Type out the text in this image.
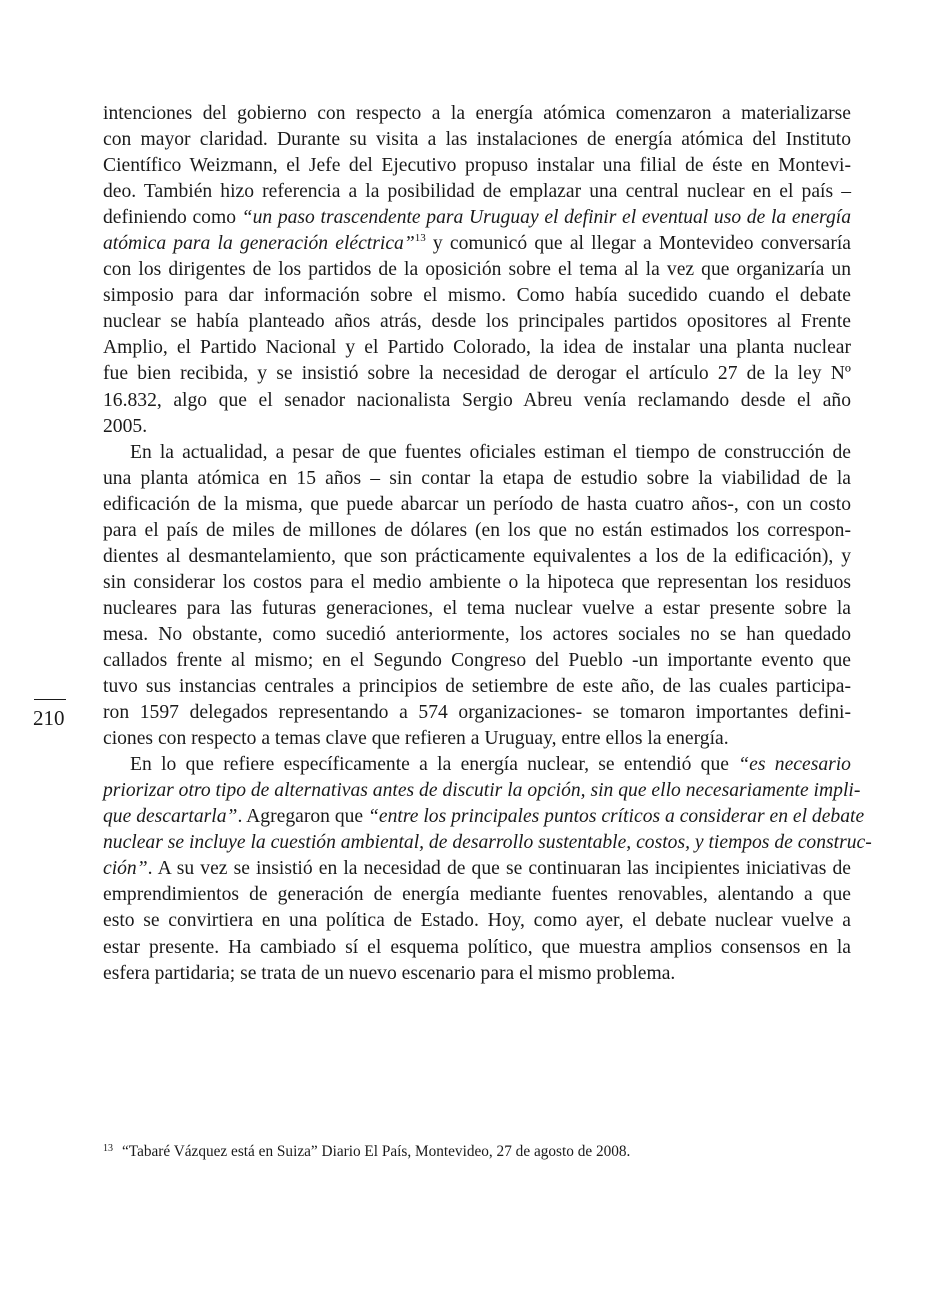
210
intenciones del gobierno con respecto a la energía atómica comenzaron a materializarse
con mayor claridad. Durante su visita a las instalaciones de energía atómica del Instituto
Científico Weizmann, el Jefe del Ejecutivo propuso instalar una filial de éste en Montevi-
deo. También hizo referencia a la posibilidad de emplazar una central nuclear en el país –
definiendo como “un paso trascendente para Uruguay el definir el eventual uso de la energía
atómica para la generación eléctrica”$^{13}$ y comunicó que al llegar a Montevideo conversaría
con los dirigentes de los partidos de la oposición sobre el tema al la vez que organizaría un
simposio para dar información sobre el mismo. Como había sucedido cuando el debate
nuclear se había planteado años atrás, desde los principales partidos opositores al Frente
Amplio, el Partido Nacional y el Partido Colorado, la idea de instalar una planta nuclear
fue bien recibida, y se insistió sobre la necesidad de derogar el artículo 27 de la ley Nº
16.832, algo que el senador nacionalista Sergio Abreu venía reclamando desde el año
2005.
En la actualidad, a pesar de que fuentes oficiales estiman el tiempo de construcción de
una planta atómica en 15 años – sin contar la etapa de estudio sobre la viabilidad de la
edificación de la misma, que puede abarcar un período de hasta cuatro años-, con un costo
para el país de miles de millones de dólares (en los que no están estimados los correspon-
dientes al desmantelamiento, que son prácticamente equivalentes a los de la edificación), y
sin considerar los costos para el medio ambiente o la hipoteca que representan los residuos
nucleares para las futuras generaciones, el tema nuclear vuelve a estar presente sobre la
mesa. No obstante, como sucedió anteriormente, los actores sociales no se han quedado
callados frente al mismo; en el Segundo Congreso del Pueblo -un importante evento que
tuvo sus instancias centrales a principios de setiembre de este año, de las cuales participa-
ron 1597 delegados representando a 574 organizaciones- se tomaron importantes defini-
ciones con respecto a temas clave que refieren a Uruguay, entre ellos la energía.
En lo que refiere específicamente a la energía nuclear, se entendió que “es necesario
priorizar otro tipo de alternativas antes de discutir la opción, sin que ello necesariamente impli-
que descartarla”. Agregaron que “entre los principales puntos críticos a considerar en el debate
nuclear se incluye la cuestión ambiental, de desarrollo sustentable, costos, y tiempos de construc-
ción”. A su vez se insistió en la necesidad de que se continuaran las incipientes iniciativas de
emprendimientos de generación de energía mediante fuentes renovables, alentando a que
esto se convirtiera en una política de Estado. Hoy, como ayer, el debate nuclear vuelve a
estar presente. Ha cambiado sí el esquema político, que muestra amplios consensos en la
esfera partidaria; se trata de un nuevo escenario para el mismo problema.
$^{13}$ “Tabaré Vázquez está en Suiza” Diario El País, Montevideo, 27 de agosto de 2008.
